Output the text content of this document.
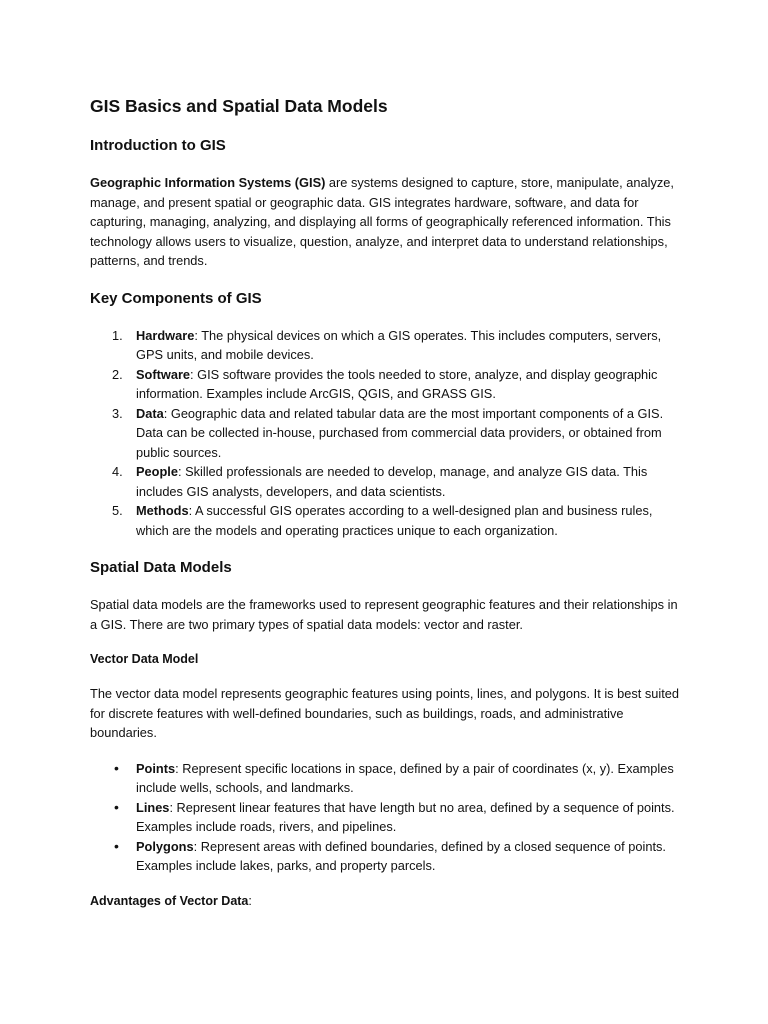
GIS Basics and Spatial Data Models
Introduction to GIS

Geographic Information Systems (GIS) are systems designed to capture, store, manipulate, analyze, manage, and present spatial or geographic data. GIS integrates hardware, software, and data for capturing, managing, analyzing, and displaying all forms of geographically referenced information. This technology allows users to visualize, question, analyze, and interpret data to understand relationships, patterns, and trends.

Key Components of GIS
1. Hardware: The physical devices on which a GIS operates. This includes computers, servers, GPS units, and mobile devices.
2. Software: GIS software provides the tools needed to store, analyze, and display geographic information. Examples include ArcGIS, QGIS, and GRASS GIS.
3. Data: Geographic data and related tabular data are the most important components of a GIS. Data can be collected in-house, purchased from commercial data providers, or obtained from public sources.
4. People: Skilled professionals are needed to develop, manage, and analyze GIS data. This includes GIS analysts, developers, and data scientists.
5. Methods: A successful GIS operates according to a well-designed plan and business rules, which are the models and operating practices unique to each organization.
Spatial Data Models

Spatial data models are the frameworks used to represent geographic features and their relationships in a GIS. There are two primary types of spatial data models: vector and raster.

Vector Data Model

The vector data model represents geographic features using points, lines, and polygons. It is best suited for discrete features with well-defined boundaries, such as buildings, roads, and administrative boundaries.

• Points: Represent specific locations in space, defined by a pair of coordinates (x, y). Examples include wells, schools, and landmarks.
• Lines: Represent linear features that have length but no area, defined by a sequence of points. Examples include roads, rivers, and pipelines.
• Polygons: Represent areas with defined boundaries, defined by a closed sequence of points. Examples include lakes, parks, and property parcels.
Advantages of Vector Data:
